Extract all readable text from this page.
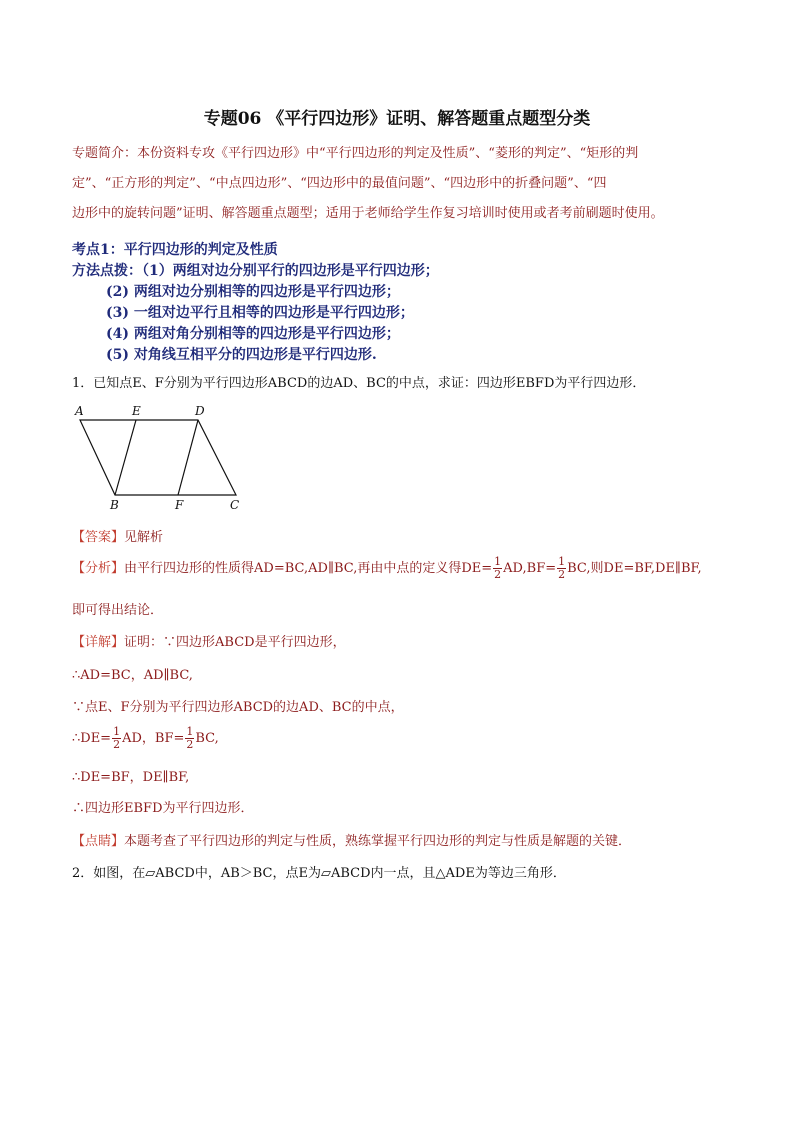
专题06 《平行四边形》证明、解答题重点题型分类
专题简介：本份资料专攻《平行四边形》中“平行四边形的判定及性质”、“菱形的判定”、“矩形的判
定”、“正方形的判定”、“中点四边形”、“四边形中的最值问题”、“四边形中的折叠问题”、“四
边形中的旋转问题”证明、解答题重点题型；适用于老师给学生作复习培训时使用或者考前刷题时使用。
考点1：平行四边形的判定及性质
方法点拨：（1）两组对边分别平行的四边形是平行四边形；
(2) 两组对边分别相等的四边形是平行四边形；
(3) 一组对边平行且相等的四边形是平行四边形；
(4) 两组对角分别相等的四边形是平行四边形；
(5) 对角线互相平分的四边形是平行四边形.
1．已知点E、F分别为平行四边形ABCD的边AD、BC的中点，求证：四边形EBFD为平行四边形．
A	E	D
B	F	C
【答案】见解析
【分析】由平行四边形的性质得AD=BC,AD∥BC,再由中点的定义得$DE= \frac{1}{2} AD,BF= \frac{1}{2}$ BC,则DE=BF,DE∥BF,
即可得出结论．
【详解】证明：∵四边形ABCD是平行四边形，
∴AD=BC，AD∥BC,
∵点E、F分别为平行四边形ABCD的边AD、BC的中点，
∴DE= $\frac{1}{2}$ AD，$BF= \frac{1}{2}$ BC,
∴DE=BF，DE∥BF,
∴四边形EBFD为平行四边形．
【点睛】本题考查了平行四边形的判定与性质，熟练掌握平行四边形的判定与性质是解题的关键．
2．如图，在▱ABCD中，AB＞BC，点E为▱ABCD内一点，且△ADE为等边三角形．
